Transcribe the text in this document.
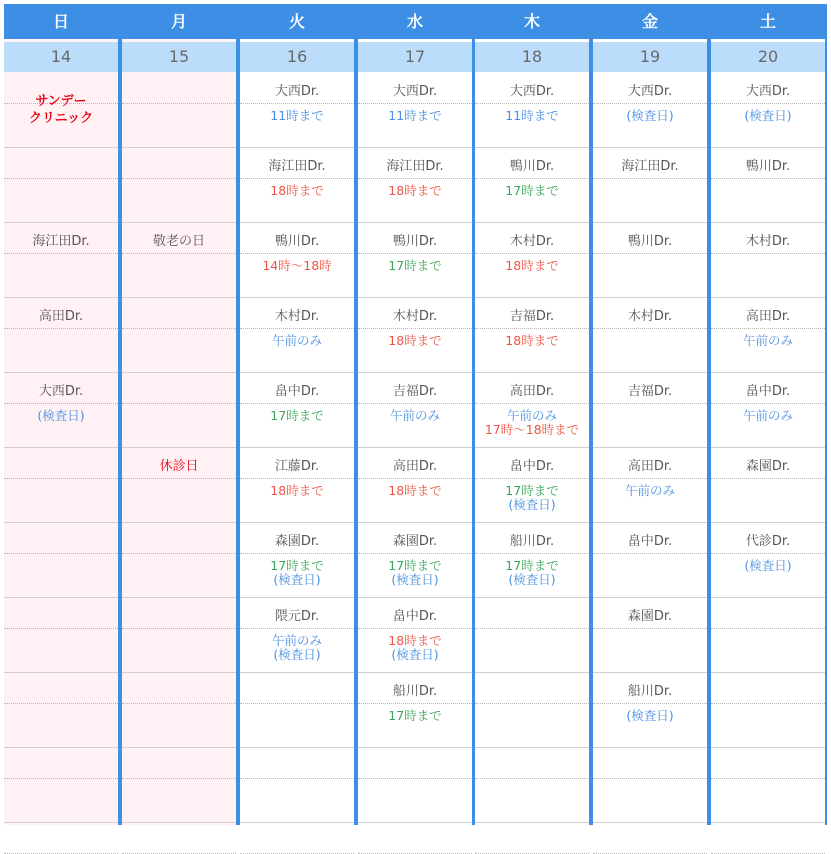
日
14
サンデー
クリニック
海江田Dr.
高田Dr.
大西Dr.
(検査日)
月
15
敬老の日
休診日
火
16
大西Dr.
11時まで
海江田Dr.
18時まで
鴨川Dr.
14時～18時
木村Dr.
午前のみ
畠中Dr.
17時まで
江藤Dr.
18時まで
森園Dr.
17時まで
(検査日)
隈元Dr.
午前のみ
(検査日)
水
17
大西Dr.
11時まで
海江田Dr.
18時まで
鴨川Dr.
17時まで
木村Dr.
18時まで
吉福Dr.
午前のみ
高田Dr.
18時まで
森園Dr.
17時まで
(検査日)
畠中Dr.
18時まで
(検査日)
船川Dr.
17時まで
木
18
大西Dr.
11時まで
鴨川Dr.
17時まで
木村Dr.
18時まで
吉福Dr.
18時まで
高田Dr.
午前のみ
17時～18時まで
畠中Dr.
17時まで
(検査日)
船川Dr.
17時まで
(検査日)
金
19
大西Dr.
(検査日)
海江田Dr.
鴨川Dr.
木村Dr.
吉福Dr.
高田Dr.
午前のみ
畠中Dr.
森園Dr.
船川Dr.
(検査日)
土
20
大西Dr.
(検査日)
鴨川Dr.
木村Dr.
高田Dr.
午前のみ
畠中Dr.
午前のみ
森園Dr.
代診Dr.
(検査日)
